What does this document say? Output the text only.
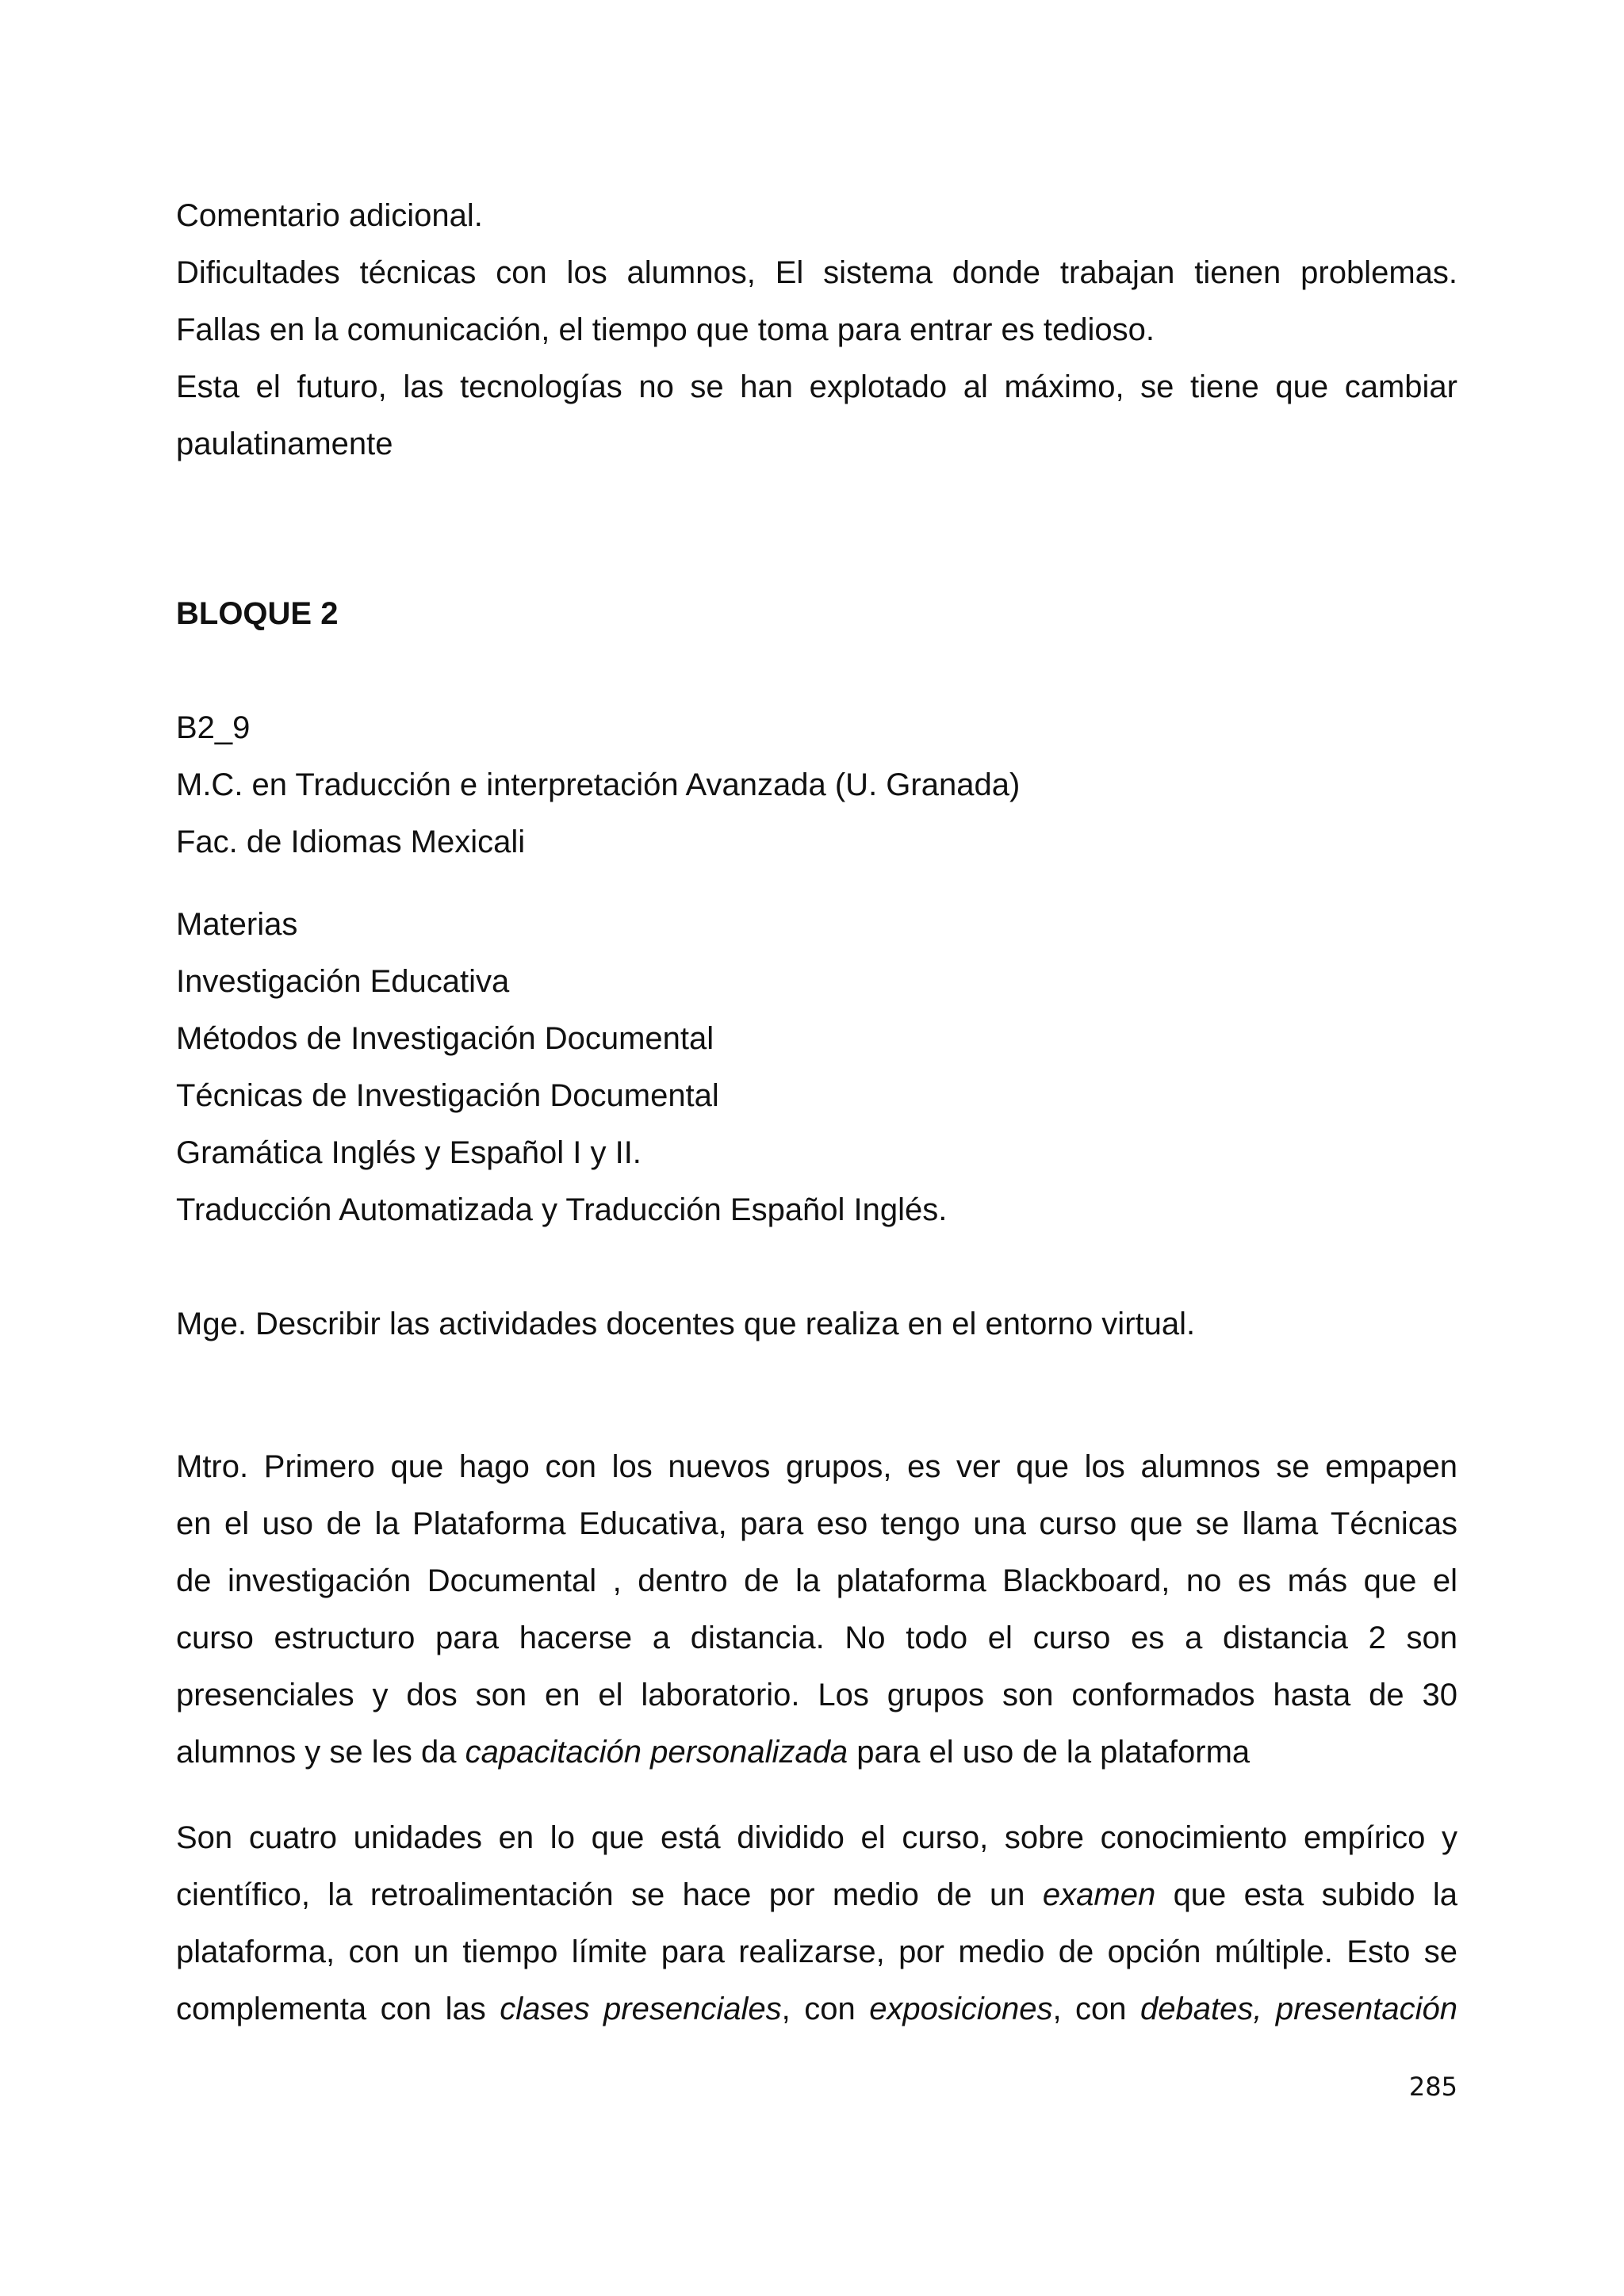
Comentario adicional.
Dificultades técnicas con los alumnos, El sistema donde trabajan tienen problemas.
Fallas en la comunicación, el tiempo que toma para entrar es tedioso.
Esta el futuro, las tecnologías no se han explotado al máximo, se tiene que cambiar
paulatinamente
BLOQUE 2
B2_9
M.C. en Traducción e interpretación Avanzada (U. Granada)
Fac. de Idiomas Mexicali
Materias
Investigación Educativa
Métodos de Investigación Documental
Técnicas de Investigación Documental
Gramática Inglés y Español I y II.
Traducción Automatizada y Traducción Español Inglés.
Mge. Describir las actividades docentes que realiza en el entorno virtual.
Mtro. Primero que hago con los nuevos grupos, es ver que los alumnos se empapen
en el uso de la Plataforma Educativa, para eso tengo una curso que se llama Técnicas
de investigación Documental , dentro de la plataforma Blackboard, no es más que el
curso estructuro para hacerse a distancia. No todo el curso es a distancia 2 son
presenciales y dos son en el laboratorio. Los grupos son conformados hasta de 30
alumnos y se les da capacitación personalizada para el uso de la plataforma
Son cuatro unidades en lo que está dividido el curso, sobre conocimiento empírico y
científico, la retroalimentación se hace por medio de un examen que esta subido la
plataforma, con un tiempo límite para realizarse, por medio de opción múltiple. Esto se
complementa con las clases presenciales, con exposiciones, con debates, presentación
285
